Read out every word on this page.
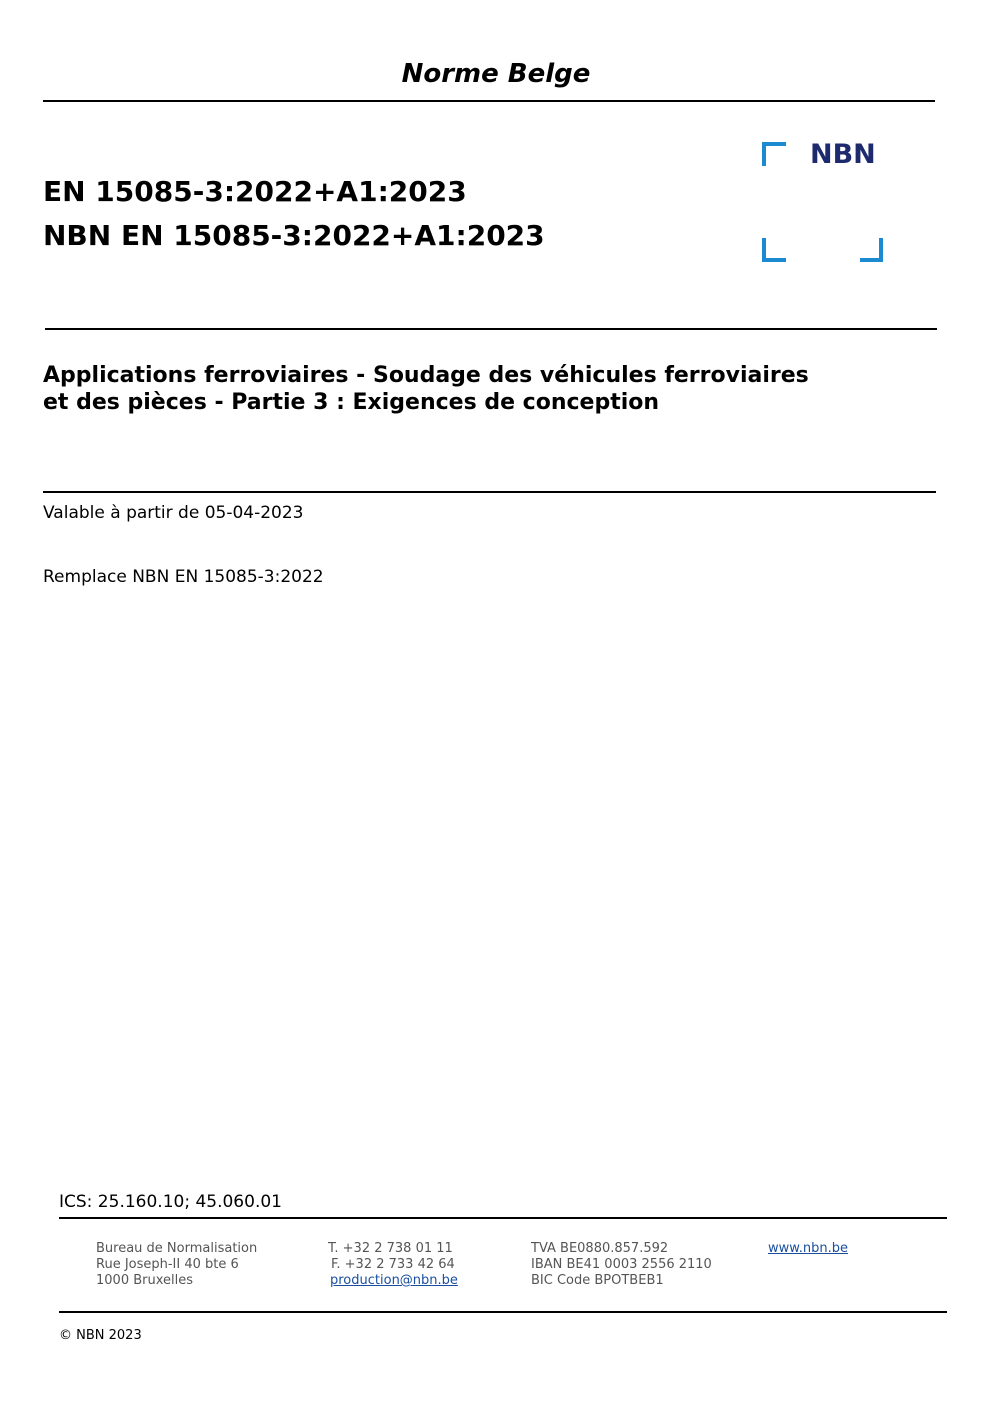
Norme Belge
EN 15085-3:2022+A1:2023
NBN EN 15085-3:2022+A1:2023
NBN
Applications ferroviaires - Soudage des véhicules ferroviaires
et des pièces - Partie 3 : Exigences de conception
Valable à partir de 05-04-2023
Remplace NBN EN 15085-3:2022
ICS: 25.160.10; 45.060.01
Bureau de Normalisation
Rue Joseph-II 40 bte 6
1000 Bruxelles
T. +32 2 738 01 11
F. +32 2 733 42 64
production@nbn.be
TVA BE0880.857.592
IBAN BE41 0003 2556 2110
BIC Code BPOTBEB1
www.nbn.be
© NBN 2023
